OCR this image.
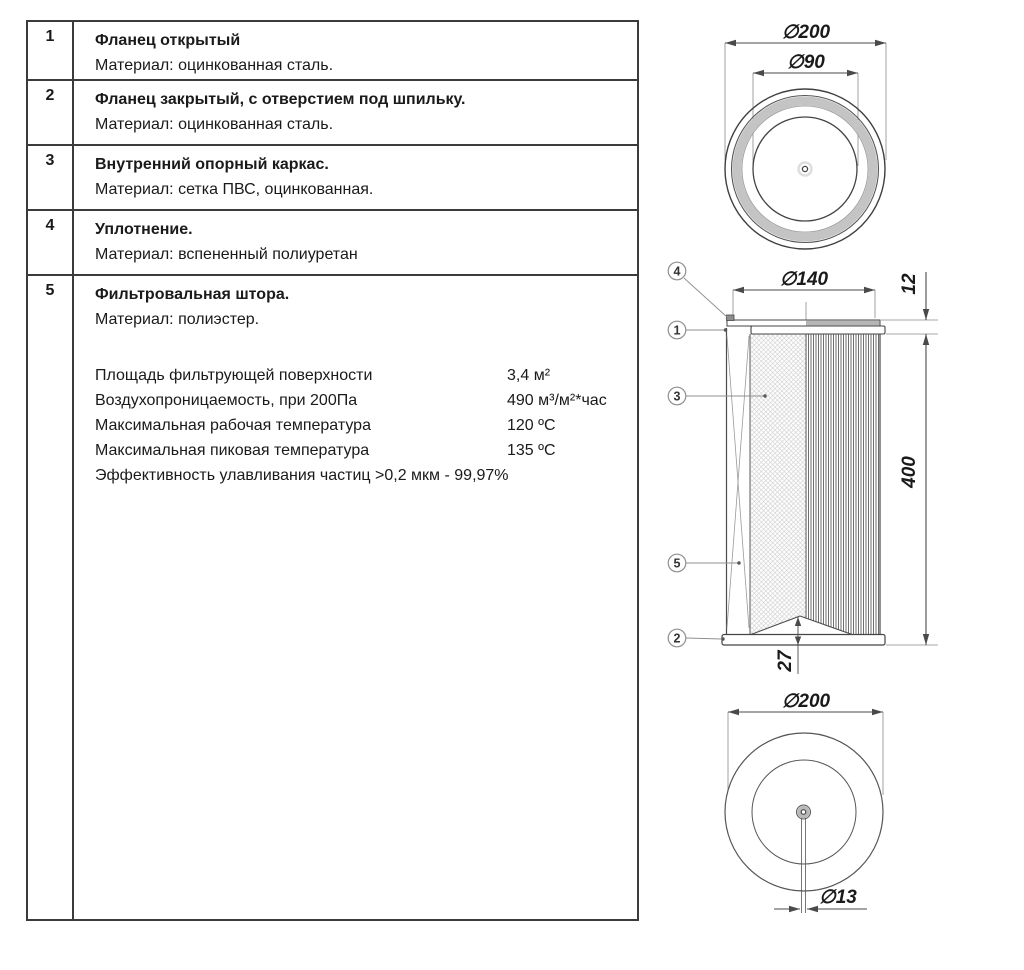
1	Фланец открытый
Материал: оцинкованная сталь.
2	Фланец закрытый, с отверстием под шпильку.
Материал: оцинкованная сталь.
3	Внутренний опорный каркас.
Материал: сетка ПВС, оцинкованная.
4	Уплотнение.
Материал: вспененный полиуретан
5	Фильтровальная штора.
Материал: полиэстер.
Площадь фильтрующей поверхности	3,4 м²
Воздухопроницаемость, при 200Па	490 м³/м²*час
Максимальная рабочая температура	120 ºС
Максимальная пиковая температура	135 ºС
Эффективность улавливания частиц >0,2 мкм - 99,97%
∅200
∅90
∅140
27
12
400
4
1
3
5
2
∅200
∅13
